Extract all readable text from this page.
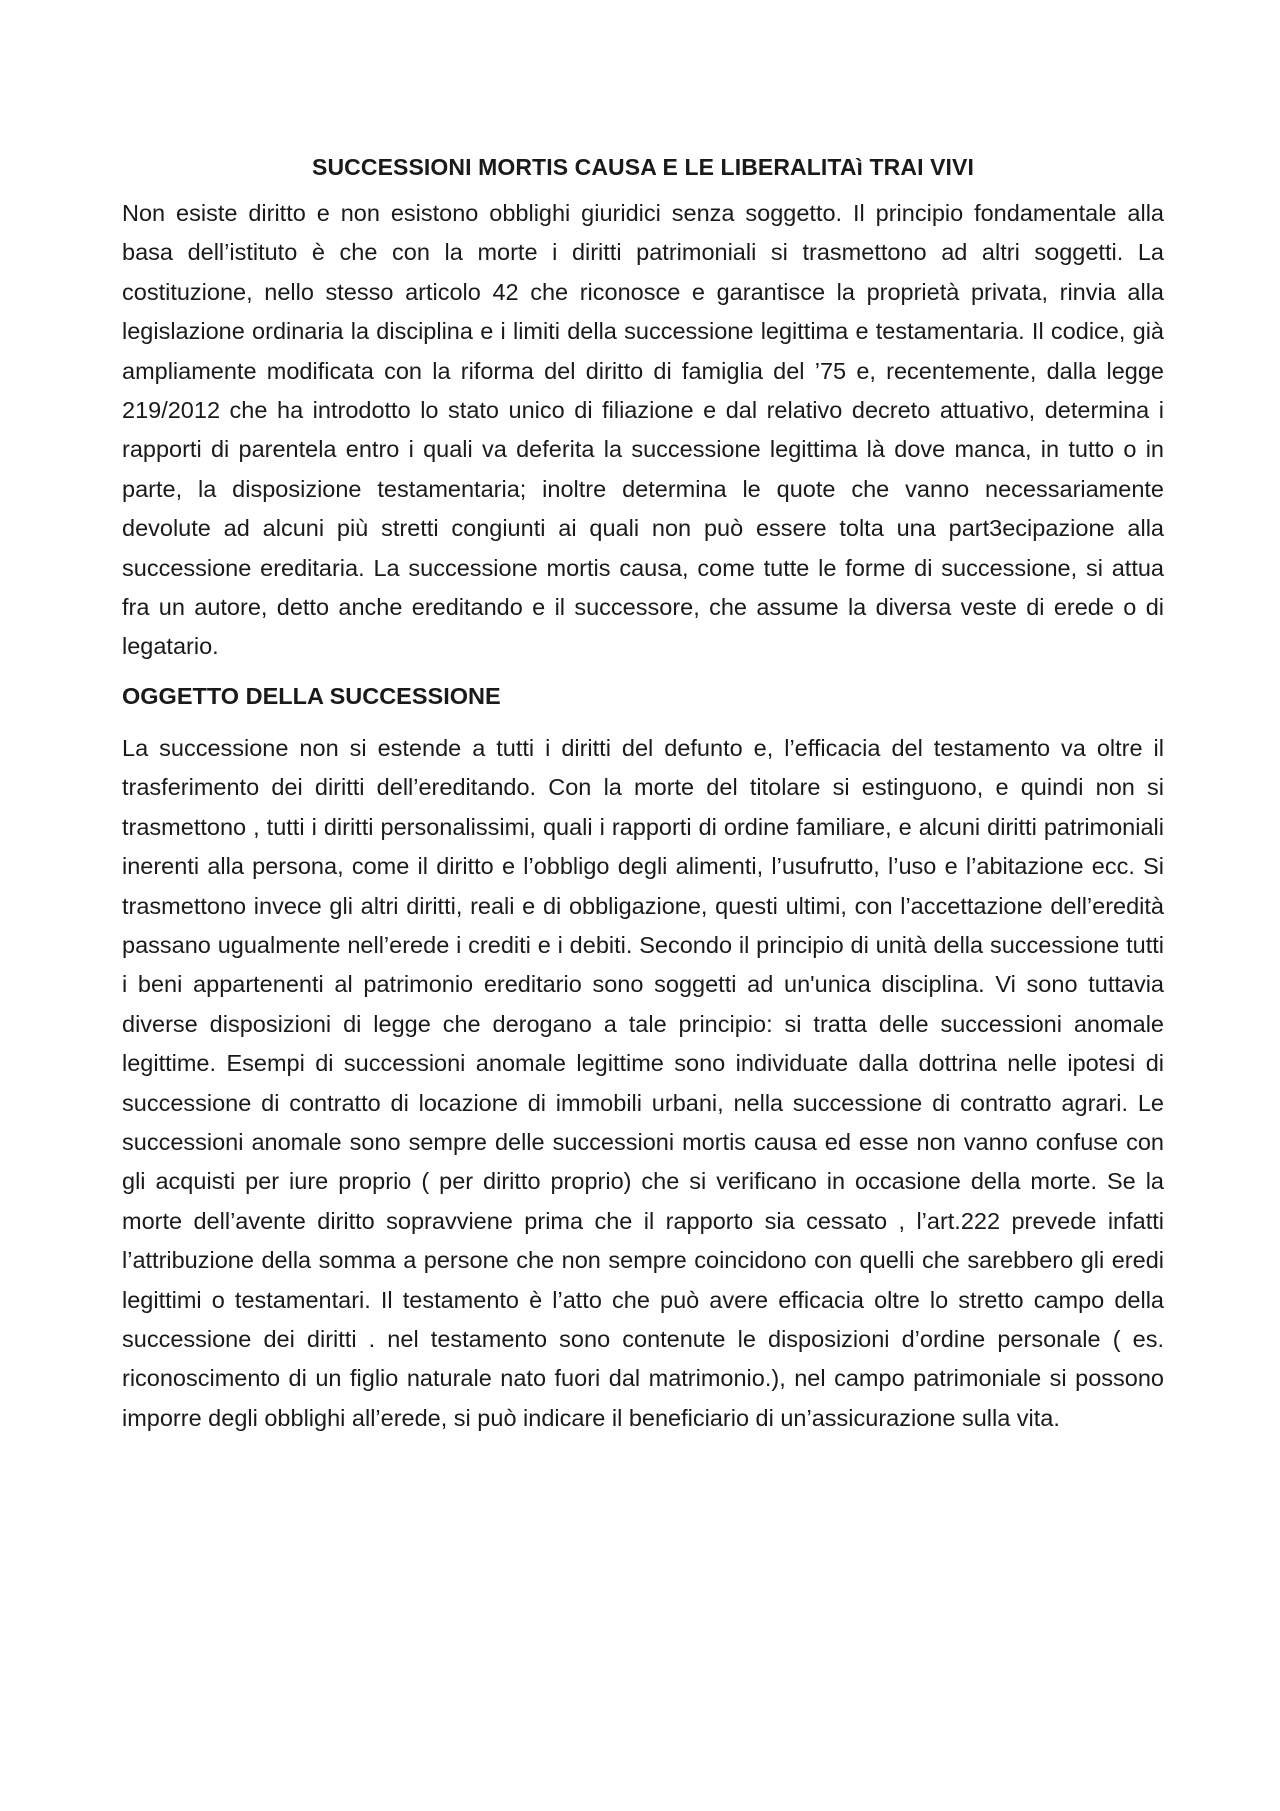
SUCCESSIONI MORTIS CAUSA E LE LIBERALITAì TRAI VIVI

Non esiste diritto e non esistono obblighi giuridici senza soggetto. Il principio fondamentale alla basa dell’istituto è che con la morte i diritti patrimoniali si trasmettono ad altri soggetti. La costituzione, nello stesso articolo 42 che riconosce e garantisce la proprietà privata, rinvia alla legislazione ordinaria la disciplina e i limiti della successione legittima e testamentaria. Il codice, già ampliamente modificata con la riforma del diritto di famiglia del ’75 e, recentemente, dalla legge 219/2012 che ha introdotto lo stato unico di filiazione e dal relativo decreto attuativo, determina i rapporti di parentela entro i quali va deferita la successione legittima là dove manca, in tutto o in parte, la disposizione testamentaria; inoltre determina le quote che vanno necessariamente devolute ad alcuni più stretti congiunti ai quali non può essere tolta una part3ecipazione alla successione ereditaria. La successione mortis causa, come tutte le forme di successione, si attua fra un autore, detto anche ereditando e il successore, che assume la diversa veste di erede o di legatario.

OGGETTO DELLA SUCCESSIONE

La successione non si estende a tutti i diritti del defunto e, l’efficacia del testamento va oltre il trasferimento dei diritti dell’ereditando. Con la morte del titolare si estinguono, e quindi non si trasmettono , tutti i diritti personalissimi, quali i rapporti di ordine familiare, e alcuni diritti patrimoniali inerenti alla persona, come il diritto e l’obbligo degli alimenti, l’usufrutto, l’uso e l’abitazione ecc. Si trasmettono invece gli altri diritti, reali e di obbligazione, questi ultimi, con l’accettazione dell’eredità passano ugualmente nell’erede i crediti e i debiti. Secondo il principio di unità della successione tutti i beni appartenenti al patrimonio ereditario sono soggetti ad un'unica disciplina. Vi sono tuttavia diverse disposizioni di legge che derogano a tale principio: si tratta delle successioni anomale legittime. Esempi di successioni anomale legittime sono individuate dalla dottrina nelle ipotesi di successione di contratto di locazione di immobili urbani, nella successione di contratto agrari. Le successioni anomale sono sempre delle successioni mortis causa ed esse non vanno confuse con gli acquisti per iure proprio ( per diritto proprio) che si verificano in occasione della morte. Se la morte dell’avente diritto sopravviene prima che il rapporto sia cessato , l’art.222 prevede infatti l’attribuzione della somma a persone che non sempre coincidono con quelli che sarebbero gli eredi legittimi o testamentari. Il testamento è l’atto che può avere efficacia oltre lo stretto campo della successione dei diritti . nel testamento sono contenute le disposizioni d’ordine personale ( es. riconoscimento di un figlio naturale nato fuori dal matrimonio.), nel campo patrimoniale si possono imporre degli obblighi all’erede, si può indicare il beneficiario di un’assicurazione sulla vita.
